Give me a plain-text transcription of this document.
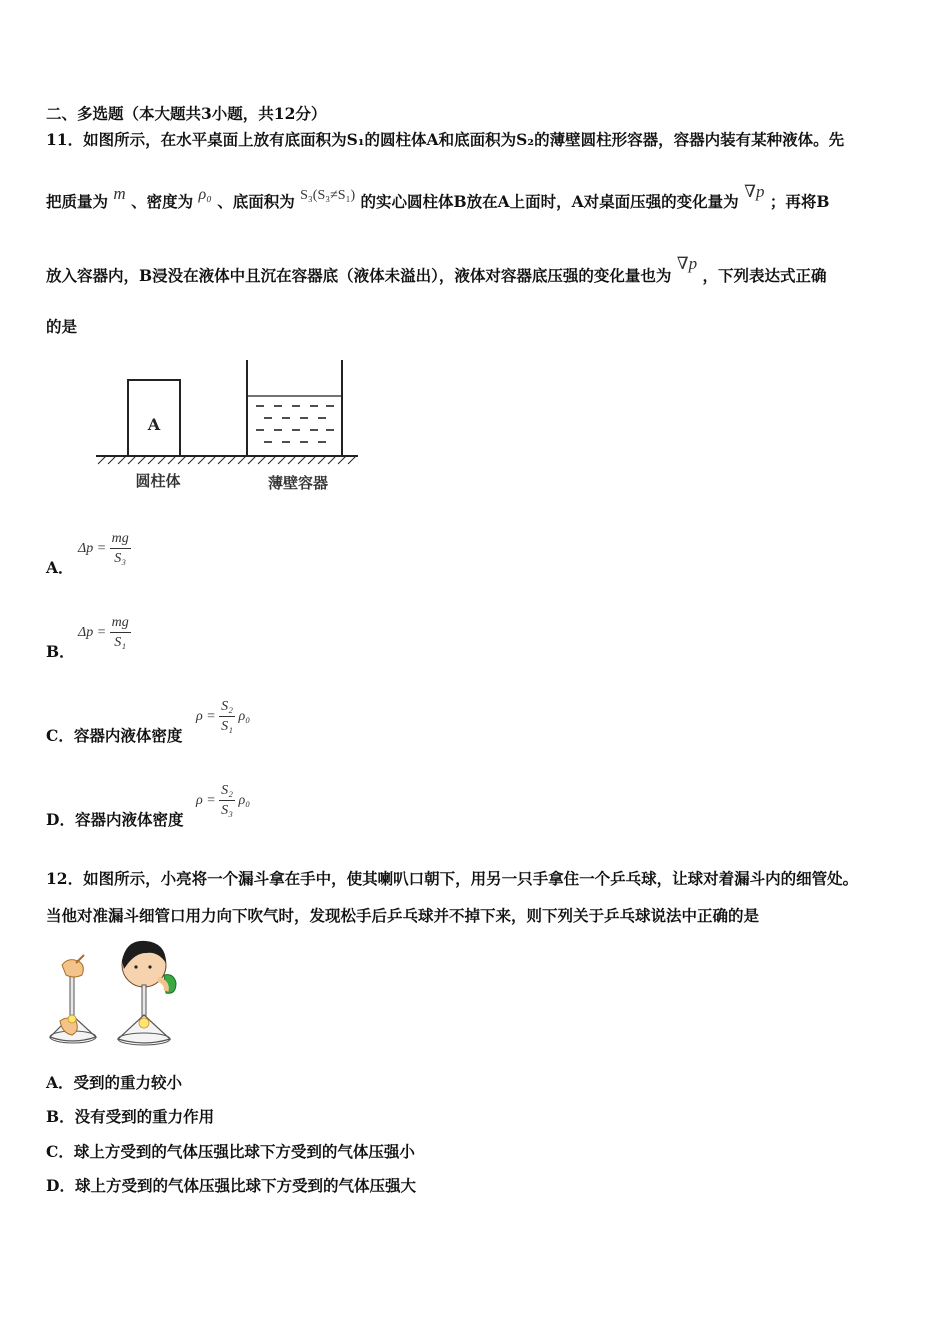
二、多选题（本大题共3小题，共12分）
11．如图所示，在水平桌面上放有底面积为S₁的圆柱体A和底面积为S₂的薄壁圆柱形容器，容器内装有某种液体。先
把质量为 m 、密度为 ρ₀ 、底面积为 S₃(S₃≠S₁) 的实心圆柱体B放在A上面时，A对桌面压强的变化量为 ∇p ；再将B
放入容器内，B浸没在液体中且沉在容器底（液体未溢出），液体对容器底压强的变化量也为 ∇p ，下列表达式正确
的是
A
圆柱体	薄壁容器
A．
$\Delta p = \frac{mg}{\text{S₃}}$
B．
$\Delta p = \frac{mg}{\text{S₁}}$
C．容器内液体密度
$\rho = \frac{\text{S₂}}{\text{S₁}} \rho_0$
D．容器内液体密度
$\rho = \frac{\text{S₂}}{\text{S₃}} \rho_0$
12．如图所示，小亮将一个漏斗拿在手中，使其喇叭口朝下，用另一只手拿住一个乒乓球，让球对着漏斗内的细管处。
当他对准漏斗细管口用力向下吹气时，发现松手后乒乓球并不掉下来，则下列关于乒乓球说法中正确的是
A．受到的重力较小
B．没有受到的重力作用
C．球上方受到的气体压强比球下方受到的气体压强小
D．球上方受到的气体压强比球下方受到的气体压强大
